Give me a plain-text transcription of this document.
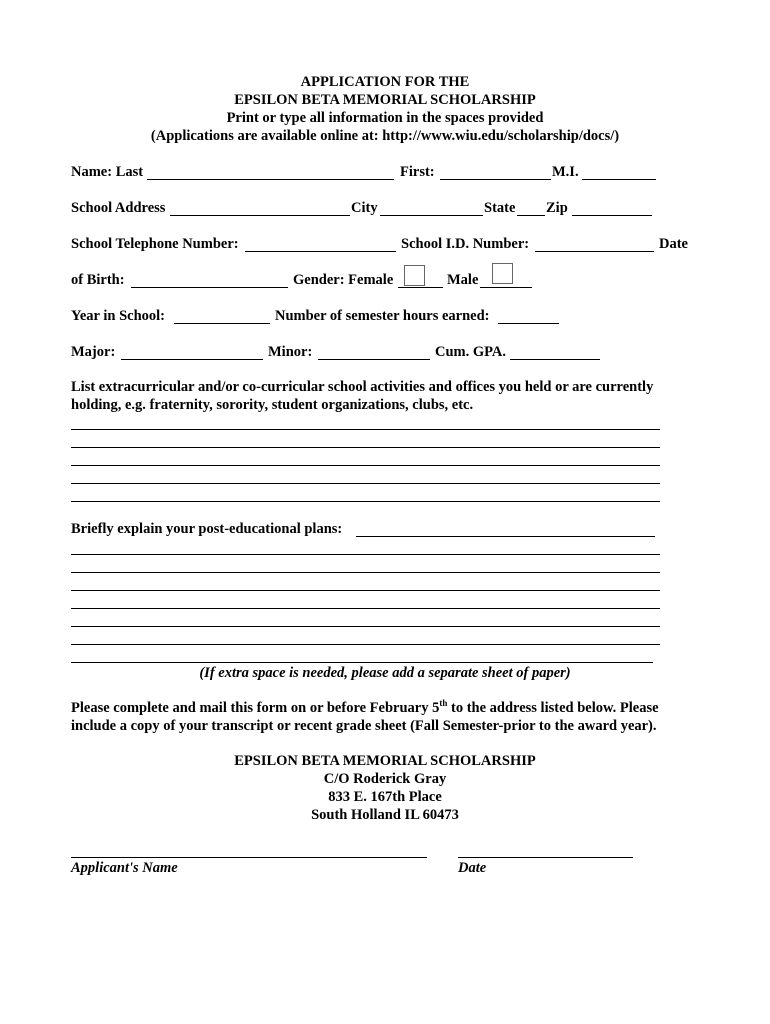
APPLICATION FOR THE
EPSILON BETA MEMORIAL SCHOLARSHIP
Print or type all information in the spaces provided
(Applications are available online at: http://www.wiu.edu/scholarship/docs/)
Name: Last	First:	M.I.
School Address	City	State Zip
School Telephone Number:	School I.D. Number:	Date
of Birth:	Gender: Female	Male
Year in School:	Number of semester hours earned:
Major:	Minor:	Cum. GPA.
List extracurricular and/or co-curricular school activities and offices you held or are currently
holding, e.g. fraternity, sorority, student organizations, clubs, etc.
Briefly explain your post-educational plans:
(If extra space is needed, please add a separate sheet of paper)
Please complete and mail this form on or before February 5th to the address listed below. Please
include a copy of your transcript or recent grade sheet (Fall Semester-prior to the award year).
EPSILON BETA MEMORIAL SCHOLARSHIP
C/O Roderick Gray
833 E. 167th Place
South Holland IL 60473
Applicant's Name	Date
